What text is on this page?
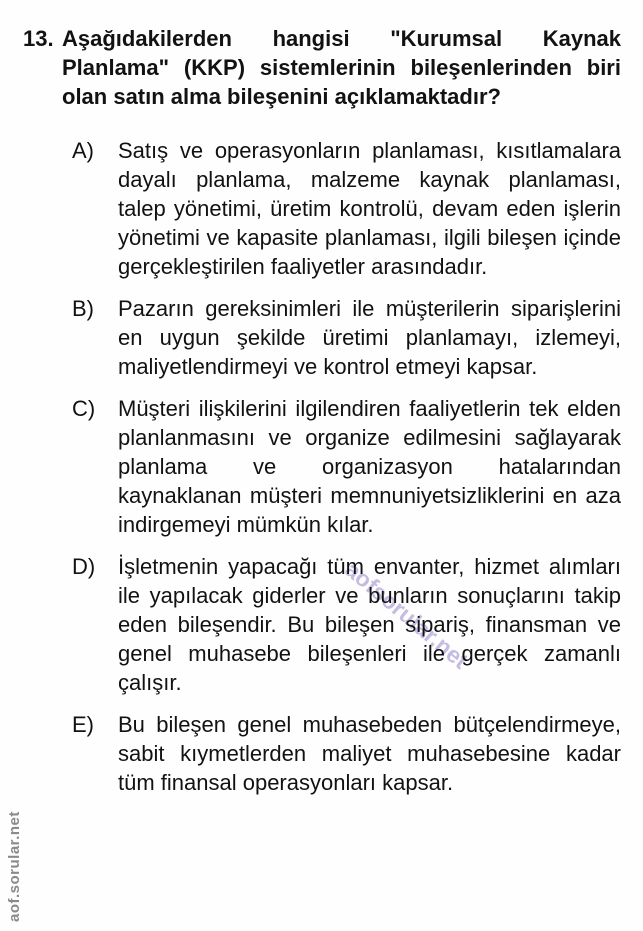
aof.sorular.net
aofsorular.net
13. Aşağıdakilerden hangisi "Kurumsal Kaynak Planlama" (KKP) sistemlerinin bileşenlerinden biri olan satın alma bileşenini açıklamaktadır?
A)	Satış ve operasyonların planlaması, kısıtlamalara dayalı planlama, malzeme kaynak planlaması, talep yönetimi, üretim kontrolü, devam eden işlerin yönetimi ve kapasite planlaması, ilgili bileşen içinde gerçekleştirilen faaliyetler arasındadır.
B)	Pazarın gereksinimleri ile müşterilerin siparişlerini en uygun şekilde üretimi planlamayı, izlemeyi, maliyetlendirmeyi ve kontrol etmeyi kapsar.
C)	Müşteri ilişkilerini ilgilendiren faaliyetlerin tek elden planlanmasını ve organize edilmesini sağlayarak planlama ve organizasyon hatalarından kaynaklanan müşteri memnuniyetsizliklerini en aza indirgemeyi mümkün kılar.
D)	İşletmenin yapacağı tüm envanter, hizmet alımları ile yapılacak giderler ve bunların sonuçlarını takip eden bileşendir. Bu bileşen sipariş, finansman ve genel muhasebe bileşenleri ile gerçek zamanlı çalışır.
E)	Bu bileşen genel muhasebeden bütçelendirmeye, sabit kıymetlerden maliyet muhasebesine kadar tüm finansal operasyonları kapsar.
